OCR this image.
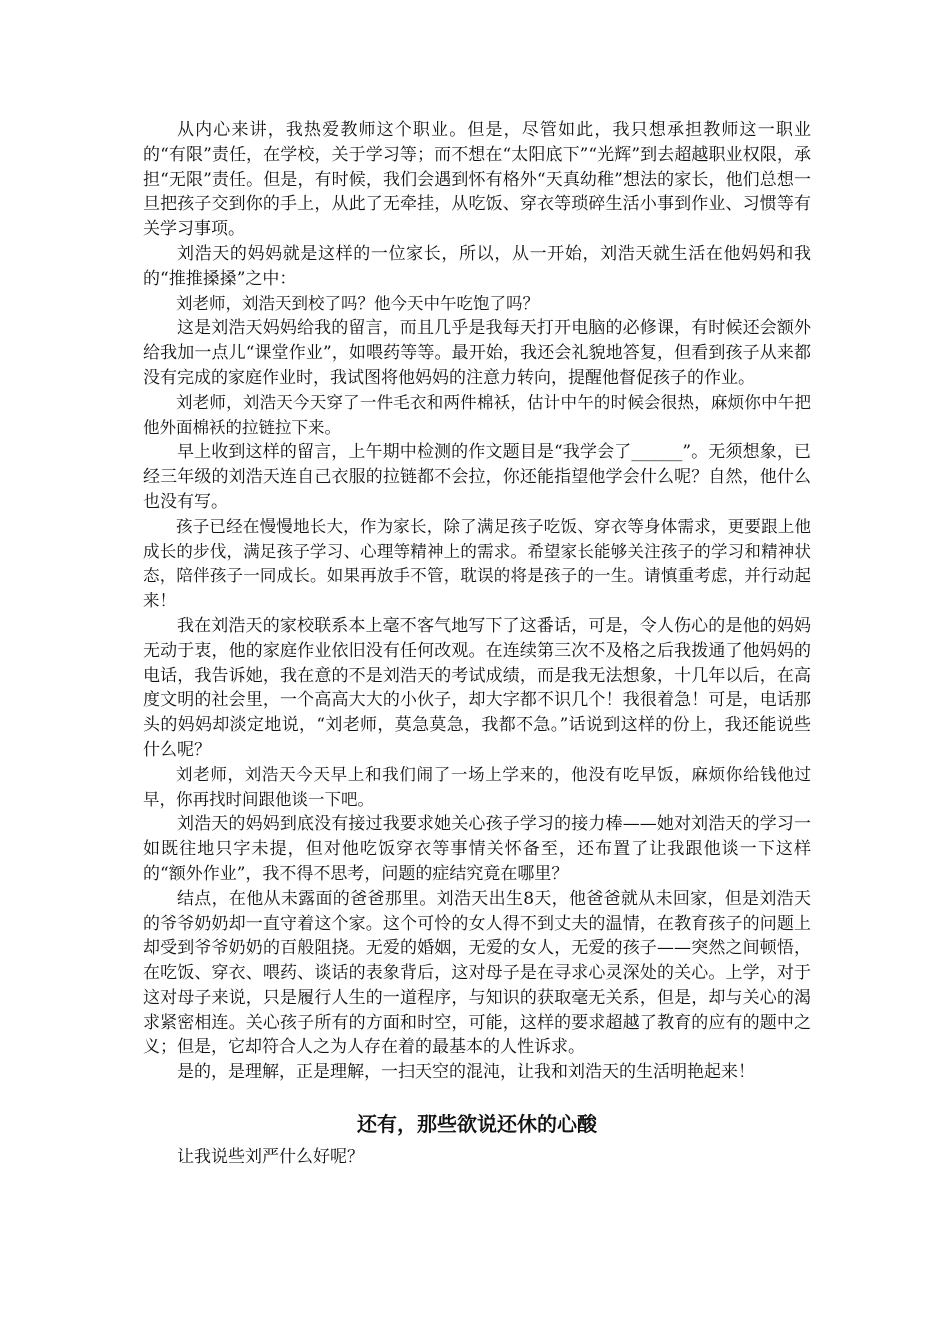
从内心来讲，我热爱教师这个职业。但是，尽管如此，我只想承担教师这一职业的“有限”责任，在学校，关于学习等；而不想在“太阳底下”“光辉”到去超越职业权限，承担“无限”责任。但是，有时候，我们会遇到怀有格外“天真幼稚”想法的家长，他们总想一旦把孩子交到你的手上，从此了无牵挂，从吃饭、穿衣等琐碎生活小事到作业、习惯等有关学习事项。

刘浩天的妈妈就是这样的一位家长，所以，从一开始，刘浩天就生活在他妈妈和我的“推推搡搡”之中：

刘老师，刘浩天到校了吗？他今天中午吃饱了吗？

这是刘浩天妈妈给我的留言，而且几乎是我每天打开电脑的必修课，有时候还会额外给我加一点儿“课堂作业”，如喂药等等。最开始，我还会礼貌地答复，但看到孩子从来都没有完成的家庭作业时，我试图将他妈妈的注意力转向，提醒他督促孩子的作业。

刘老师，刘浩天今天穿了一件毛衣和两件棉袄，估计中午的时候会很热，麻烦你中午把他外面棉袄的拉链拉下来。

早上收到这样的留言，上午期中检测的作文题目是“我学会了______”。无须想象，已经三年级的刘浩天连自己衣服的拉链都不会拉，你还能指望他学会什么呢？自然，他什么也没有写。

孩子已经在慢慢地长大，作为家长，除了满足孩子吃饭、穿衣等身体需求，更要跟上他成长的步伐，满足孩子学习、心理等精神上的需求。希望家长能够关注孩子的学习和精神状态，陪伴孩子一同成长。如果再放手不管，耽误的将是孩子的一生。请慎重考虑，并行动起来！

我在刘浩天的家校联系本上毫不客气地写下了这番话，可是，令人伤心的是他的妈妈无动于衷，他的家庭作业依旧没有任何改观。在连续第三次不及格之后我拨通了他妈妈的电话，我告诉她，我在意的不是刘浩天的考试成绩，而是我无法想象，十几年以后，在高度文明的社会里，一个高高大大的小伙子，却大字都不识几个！我很着急！可是，电话那头的妈妈却淡定地说，“刘老师，莫急莫急，我都不急。”话说到这样的份上，我还能说些什么呢？

刘老师，刘浩天今天早上和我们闹了一场上学来的，他没有吃早饭，麻烦你给钱他过早，你再找时间跟他谈一下吧。

刘浩天的妈妈到底没有接过我要求她关心孩子学习的接力棒——她对刘浩天的学习一如既往地只字未提，但对他吃饭穿衣等事情关怀备至，还布置了让我跟他谈一下这样的“额外作业”，我不得不思考，问题的症结究竟在哪里？

结点，在他从未露面的爸爸那里。刘浩天出生8天，他爸爸就从未回家，但是刘浩天的爷爷奶奶却一直守着这个家。这个可怜的女人得不到丈夫的温情，在教育孩子的问题上却受到爷爷奶奶的百般阻挠。无爱的婚姻，无爱的女人，无爱的孩子——突然之间顿悟，在吃饭、穿衣、喂药、谈话的表象背后，这对母子是在寻求心灵深处的关心。上学，对于这对母子来说，只是履行人生的一道程序，与知识的获取毫无关系，但是，却与关心的渴求紧密相连。关心孩子所有的方面和时空，可能，这样的要求超越了教育的应有的题中之义；但是，它却符合人之为人存在着的最基本的人性诉求。

是的，是理解，正是理解，一扫天空的混沌，让我和刘浩天的生活明艳起来！

还有，那些欲说还休的心酸

让我说些刘严什么好呢？
